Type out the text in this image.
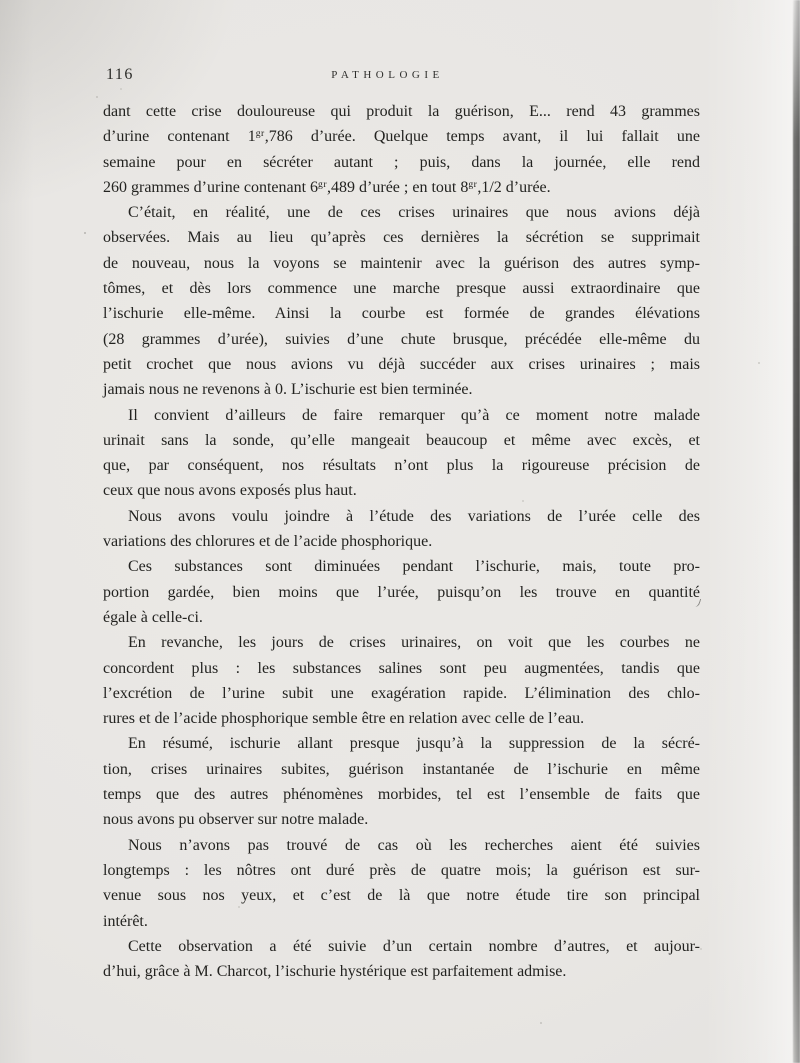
116	PATHOLOGIE
dant cette crise douloureuse qui produit la guérison, E... rend 43 grammes
d’urine contenant $1^{gr},786$ d’urée. Quelque temps avant, il lui fallait une
semaine pour en sécréter autant ; puis, dans la journée, elle rend
260 grammes d’urine contenant $6^{gr},489$ d’urée ; en tout $8^{gr},1/2$ d’urée.
C’était, en réalité, une de ces crises urinaires que nous avions déjà
observées. Mais au lieu qu’après ces dernières la sécrétion se supprimait
de nouveau, nous la voyons se maintenir avec la guérison des autres symp-
tômes, et dès lors commence une marche presque aussi extraordinaire que
l’ischurie elle-même. Ainsi la courbe est formée de grandes élévations
(28 grammes d’urée), suivies d’une chute brusque, précédée elle-même du
petit crochet que nous avions vu déjà succéder aux crises urinaires ; mais
jamais nous ne revenons à 0. L’ischurie est bien terminée.
Il convient d’ailleurs de faire remarquer qu’à ce moment notre malade
urinait sans la sonde, qu’elle mangeait beaucoup et même avec excès, et
que, par conséquent, nos résultats n’ont plus la rigoureuse précision de
ceux que nous avons exposés plus haut.
Nous avons voulu joindre à l’étude des variations de l’urée celle des
variations des chlorures et de l’acide phosphorique.
Ces substances sont diminuées pendant l’ischurie, mais, toute pro-
portion gardée, bien moins que l’urée, puisqu’on les trouve en quantité
égale à celle-ci.
En revanche, les jours de crises urinaires, on voit que les courbes ne
concordent plus : les substances salines sont peu augmentées, tandis que
l’excrétion de l’urine subit une exagération rapide. L’élimination des chlo-
rures et de l’acide phosphorique semble être en relation avec celle de l’eau.
En résumé, ischurie allant presque jusqu’à la suppression de la sécré-
tion, crises urinaires subites, guérison instantanée de l’ischurie en même
temps que des autres phénomènes morbides, tel est l’ensemble de faits que
nous avons pu observer sur notre malade.
Nous n’avons pas trouvé de cas où les recherches aient été suivies
longtemps : les nôtres ont duré près de quatre mois; la guérison est sur-
venue sous nos yeux, et c’est de là que notre étude tire son principal
intérêt.
Cette observation a été suivie d’un certain nombre d’autres, et aujour-
d’hui, grâce à M. Charcot, l’ischurie hystérique est parfaitement admise.
